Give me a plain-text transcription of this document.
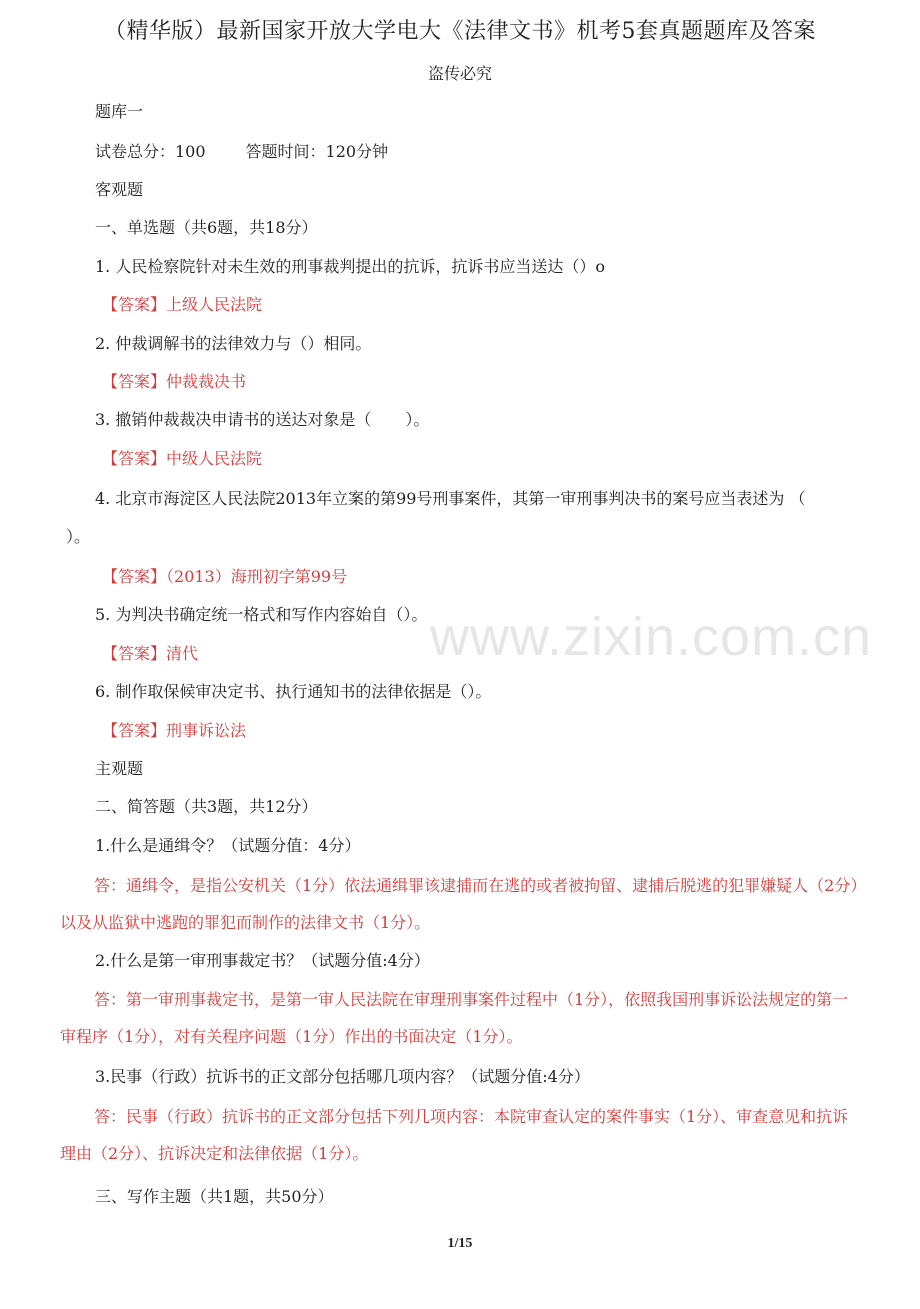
（精华版）最新国家开放大学电大《法律文书》机考5套真题题库及答案
盗传必究
题库一
试卷总分：100	答题时间：120分钟
客观题
一、单选题（共6题，共18分）
1. 人民检察院针对未生效的刑事裁判提出的抗诉，抗诉书应当送达（）o
【答案】上级人民法院
2. 仲裁调解书的法律效力与（）相同。
【答案】仲裁裁决书
3. 撤销仲裁裁决申请书的送达对象是（ ）。
【答案】中级人民法院
4. 北京市海淀区人民法院2013年立案的第99号刑事案件，其第一审刑事判决书的案号应当表述为 （
）。
【答案】（2013）海刑初字第99号
5. 为判决书确定统一格式和写作内容始自（）。
【答案】清代
6. 制作取保候审决定书、执行通知书的法律依据是（）。
【答案】刑事诉讼法
主观题
二、简答题（共3题，共12分）
1.什么是通缉令？（试题分值：4分）
答：通缉令，是指公安机关（1分）依法通缉罪该逮捕而在逃的或者被拘留、逮捕后脱逃的犯罪嫌疑人（2分）以及从监狱中逃跑的罪犯而制作的法律文书（1分）。
2.什么是第一审刑事裁定书？（试题分值:4分）
答：第一审刑事裁定书，是第一审人民法院在审理刑事案件过程中（1分），依照我国刑事诉讼法规定的第一审程序（1分），对有关程序问题（1分）作出的书面决定（1分）。
3.民事（行政）抗诉书的正文部分包括哪几项内容？（试题分值:4分）
答：民事（行政）抗诉书的正文部分包括下列几项内容：本院审查认定的案件事实（1分）、审查意见和抗诉理由（2分）、抗诉决定和法律依据（1分）。
三、写作主题（共1题，共50分）
1/15
www.zixin.com.cn
